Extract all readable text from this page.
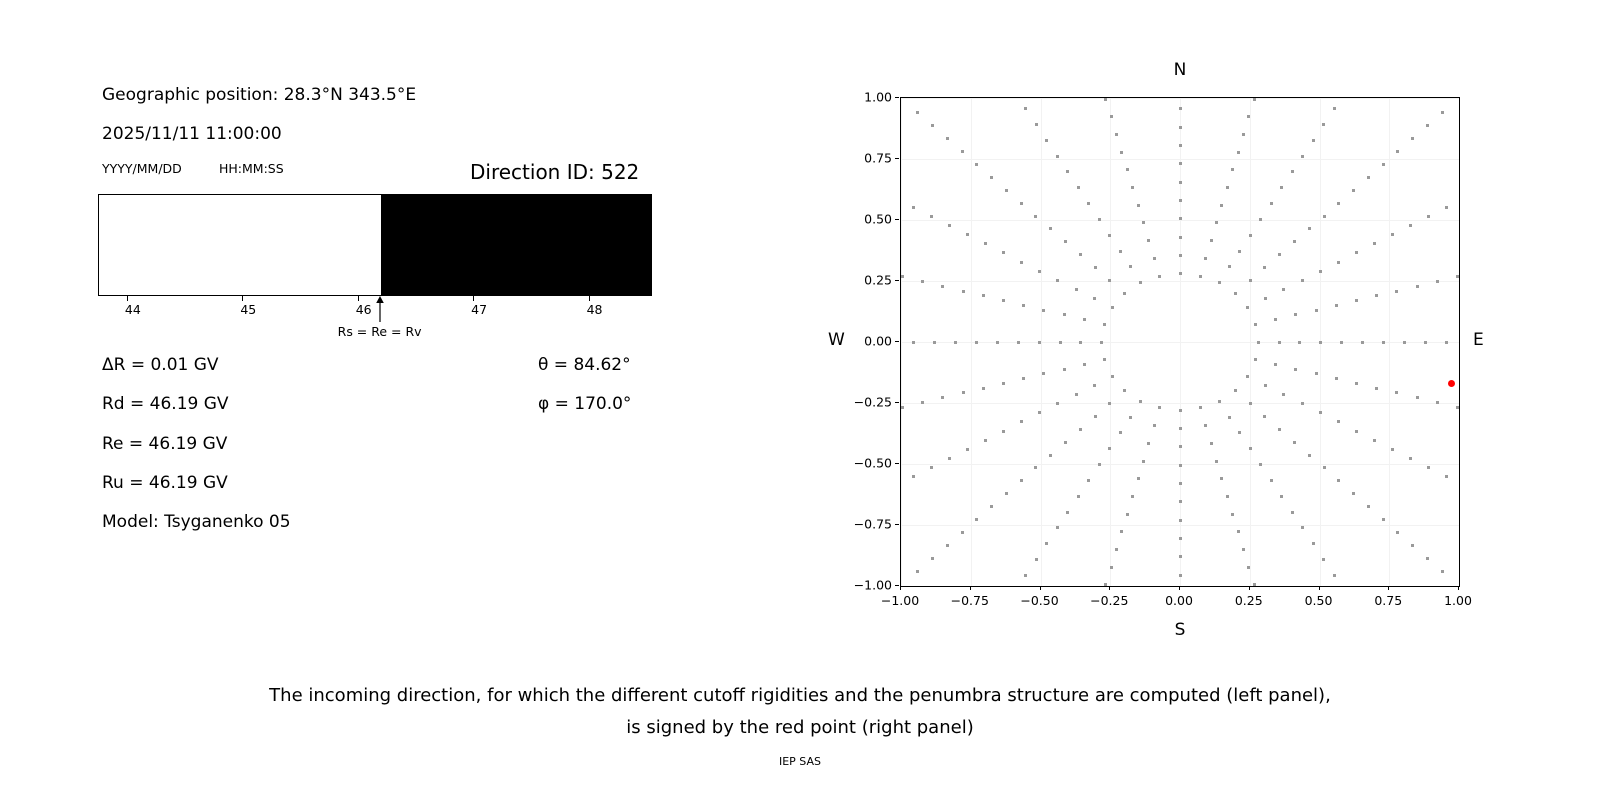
Geographic position: 28.3°N 343.5°E
2025/11/11 11:00:00
YYYY/MM/DD	HH:MM:SS	Direction ID: 522
44	45	46	47	48
Rs = Re = Rv
ΔR = 0.01 GV
Rd = 46.19 GV
Re = 46.19 GV
Ru = 46.19 GV
Model: Tsyganenko 05
θ = 84.62°
φ = 170.0°
N
S
W	E
−1.00	−0.75	−0.50	−0.25	0.00	0.25	0.50	0.75	1.00
−1.00
−0.75
−0.50
−0.25
0.00
0.25
0.50
0.75
1.00
The incoming direction, for which the different cutoff rigidities and the penumbra structure are computed (left panel),
is signed by the red point (right panel)
IEP SAS
